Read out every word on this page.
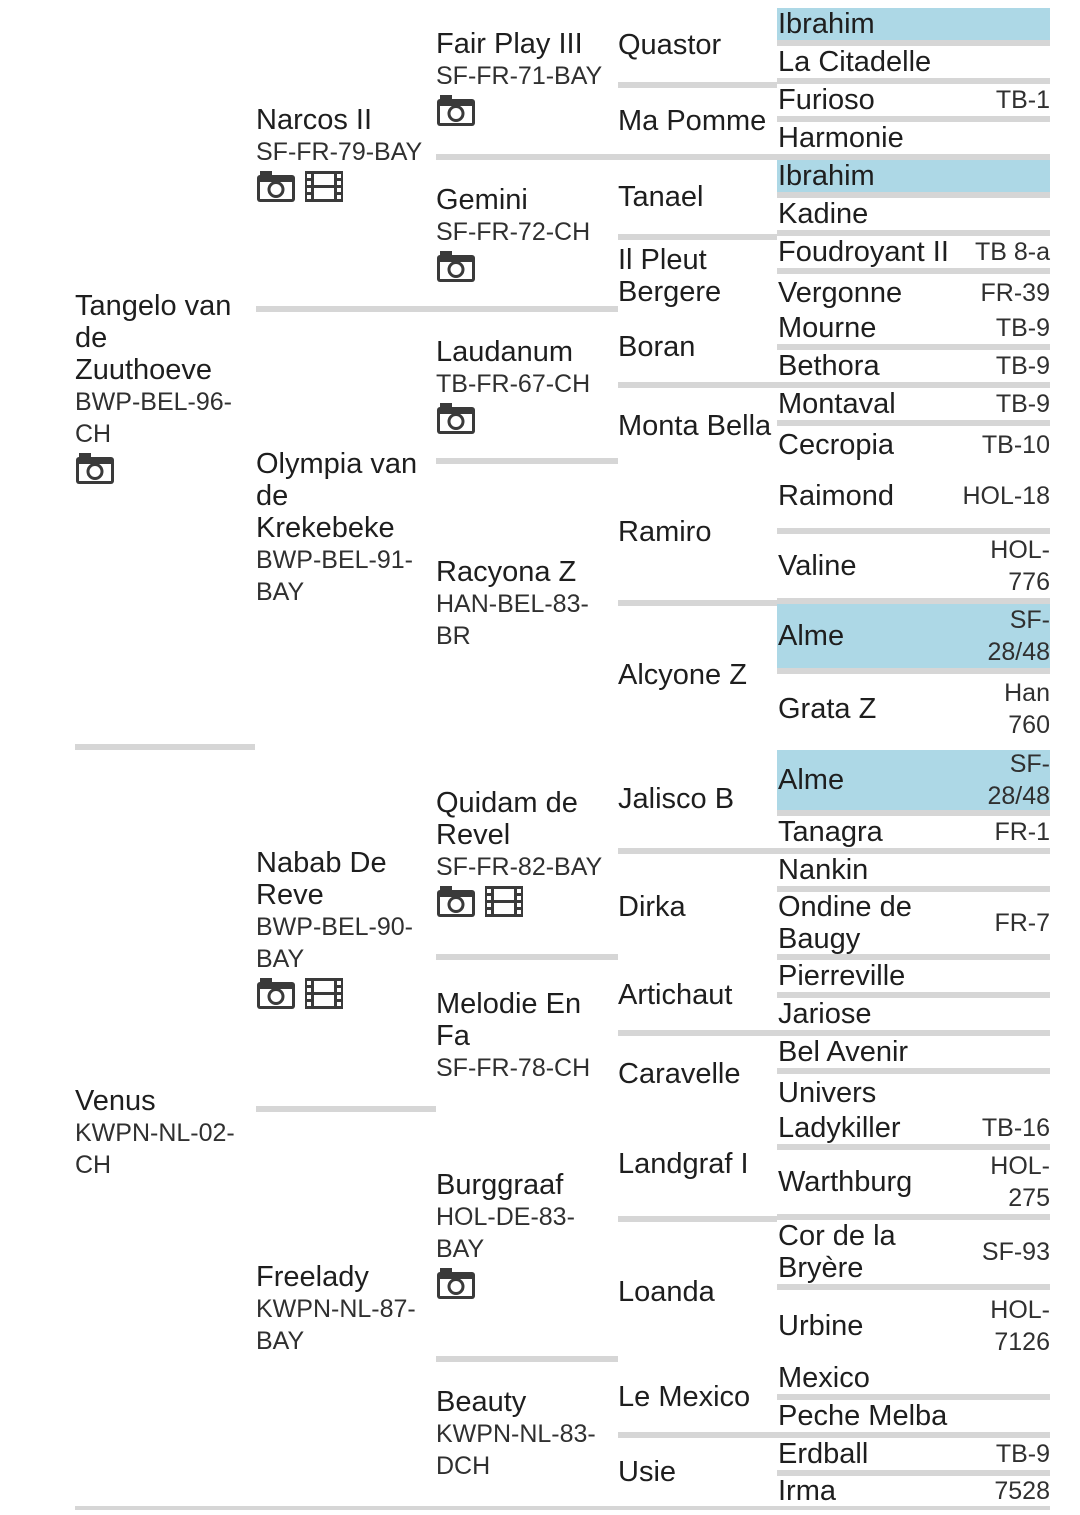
Tangelo van de Zuuthoeve
BWP-BEL-96-CH
Venus
KWPN-NL-02-CH
Narcos II
SF-FR-79-BAY
Olympia van de Krekebeke
BWP-BEL-91-BAY
Nabab De Reve
BWP-BEL-90-BAY
Freelady
KWPN-NL-87-BAY
Fair Play III
SF-FR-71-BAY
Gemini
SF-FR-72-CH
Laudanum
TB-FR-67-CH
Racyona Z
HAN-BEL-83-BR
Quidam de Revel
SF-FR-82-BAY
Melodie En Fa
SF-FR-78-CH
Burggraaf
HOL-DE-83-BAY
Beauty
KWPN-NL-83-DCH
Quastor
Ma Pomme
Tanael
Il Pleut Bergere
Boran
Monta Bella
Ramiro
Alcyone Z
Jalisco B
Dirka
Artichaut
Caravelle
Landgraf I
Loanda
Le Mexico
Usie
Ibrahim
La Citadelle
Furioso	TB-1
Harmonie
Ibrahim
Kadine
Foudroyant II	TB 8-a
Vergonne	FR-39
Mourne	TB-9
Bethora	TB-9
Montaval	TB-9
Cecropia	TB-10
Raimond	HOL-18
Valine	HOL-776
Alme	SF-28/48
Grata Z	Han 760
Alme	SF-28/48
Tanagra	FR-1
Nankin
Ondine de Baugy	FR-7
Pierreville
Jariose
Bel Avenir
Univers
Ladykiller	TB-16
Warthburg	HOL-275
Cor de la Bryère	SF-93
Urbine	HOL-7126
Mexico
Peche Melba
Erdball	TB-9
Irma	7528
